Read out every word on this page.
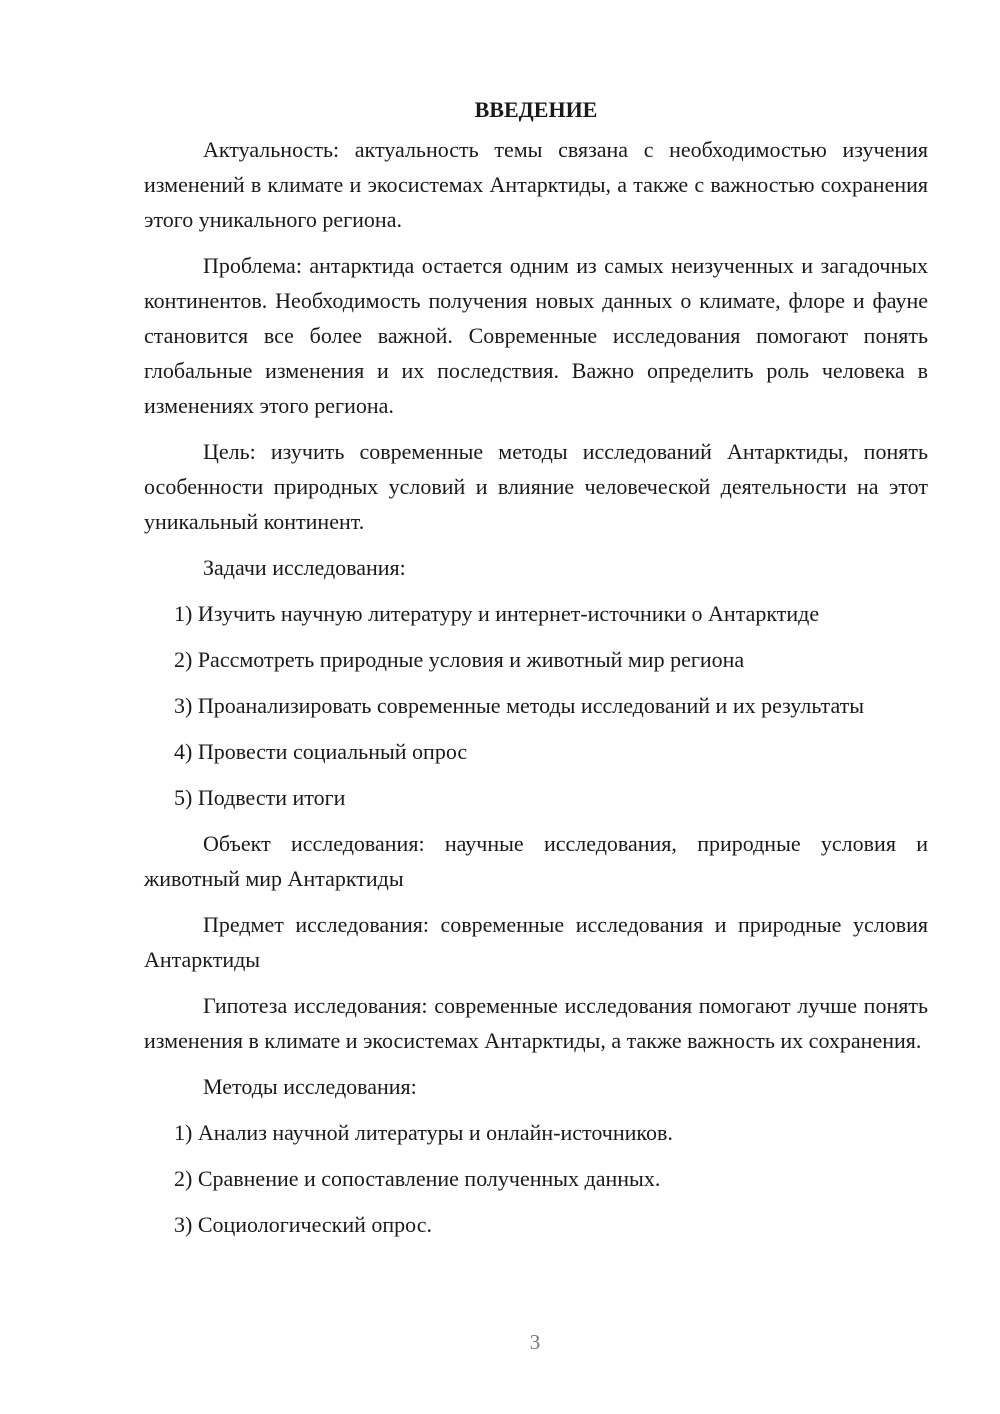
ВВЕДЕНИЕ

Актуальность: актуальность темы связана с необходимостью изучения изменений в климате и экосистемах Антарктиды, а также с важностью сохранения этого уникального региона.

Проблема: антарктида остается одним из самых неизученных и загадочных континентов. Необходимость получения новых данных о климате, флоре и фауне становится все более важной. Современные исследования помогают понять глобальные изменения и их последствия. Важно определить роль человека в изменениях этого региона.

Цель: изучить современные методы исследований Антарктиды, понять особенности природных условий и влияние человеческой деятельности на этот уникальный континент.

Задачи исследования:

1) Изучить научную литературу и интернет-источники о Антарктиде

2) Рассмотреть природные условия и животный мир региона

3) Проанализировать современные методы исследований и их результаты

4) Провести социальный опрос

5) Подвести итоги

Объект исследования: научные исследования, природные условия и животный мир Антарктиды

Предмет исследования: современные исследования и природные условия Антарктиды

Гипотеза исследования: современные исследования помогают лучше понять изменения в климате и экосистемах Антарктиды, а также важность их сохранения.

Методы исследования:

1) Анализ научной литературы и онлайн-источников.

2) Сравнение и сопоставление полученных данных.

3) Социологический опрос.

3
